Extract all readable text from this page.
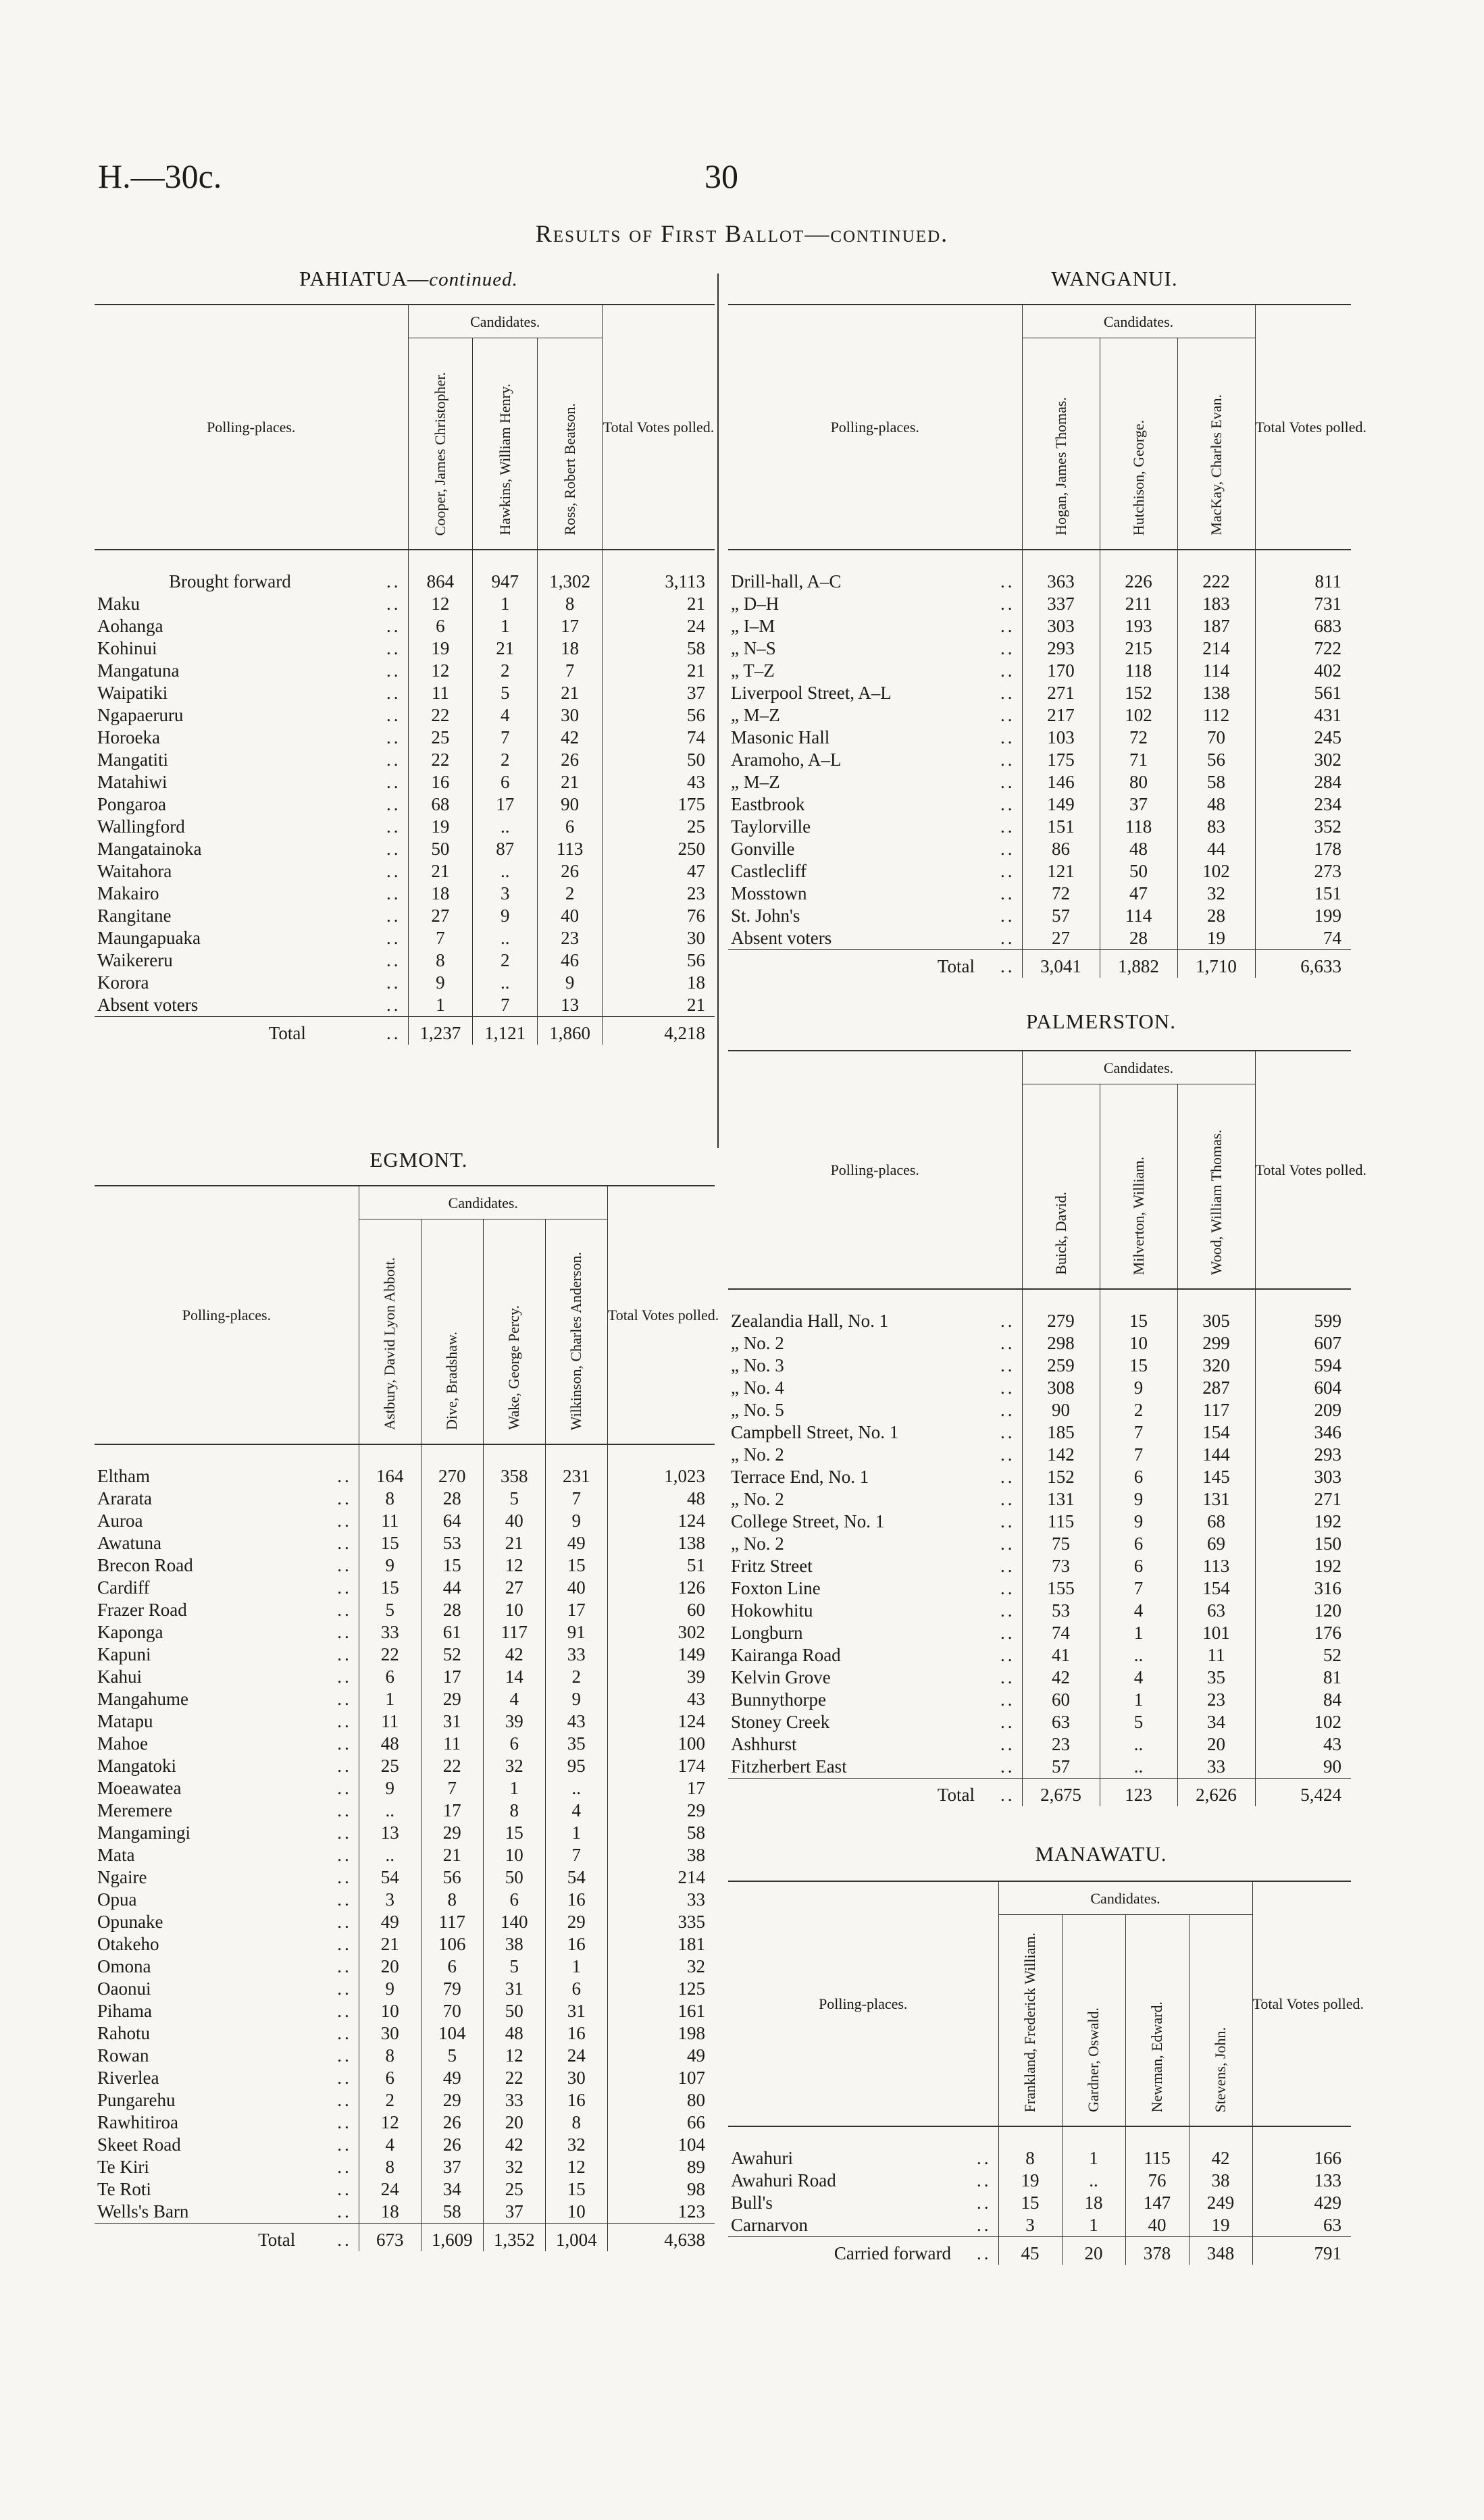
H.—30c.	30
Results of First Ballot—continued.
PAHIATUA—continued.
Polling-places.		Candidates.			Total Votes polled.
		Cooper, James Christopher.	Hawkins, William Henry.	Ross, Robert Beatson.	
Brought forward	..	864	947	1,302	3,113
Maku	..	12	1	8	21
Aohanga	..	6	1	17	24
Kohinui	..	19	21	18	58
Mangatuna	..	12	2	7	21
Waipatiki	..	11	5	21	37
Ngapaeruru	..	22	4	30	56
Horoeka	..	25	7	42	74
Mangatiti	..	22	2	26	50
Matahiwi	..	16	6	21	43
Pongaroa	..	68	17	90	175
Wallingford	..	19	..	6	25
Mangatainoka	..	50	87	113	250
Waitahora	..	21	..	26	47
Makairo	..	18	3	2	23
Rangitane	..	27	9	40	76
Maungapuaka	..	7	..	23	30
Waikereru	..	8	2	46	56
Korora	..	9	..	9	18
Absent voters	..	1	7	13	21
Total	..	1,237	1,121	1,860	4,218
EGMONT.
Polling-places.		Candidates.				Total Votes polled.
		Astbury, David Lyon Abbott.	Dive, Bradshaw.	Wake, George Percy.	Wilkinson, Charles Anderson.	
Eltham	..	164	270	358	231	1,023
Ararata	..	8	28	5	7	48
Auroa	..	11	64	40	9	124
Awatuna	..	15	53	21	49	138
Brecon Road	..	9	15	12	15	51
Cardiff	..	15	44	27	40	126
Frazer Road	..	5	28	10	17	60
Kaponga	..	33	61	117	91	302
Kapuni	..	22	52	42	33	149
Kahui	..	6	17	14	2	39
Mangahume	..	1	29	4	9	43
Matapu	..	11	31	39	43	124
Mahoe	..	48	11	6	35	100
Mangatoki	..	25	22	32	95	174
Moeawatea	..	9	7	1	..	17
Meremere	..	..	17	8	4	29
Mangamingi	..	13	29	15	1	58
Mata	..	..	21	10	7	38
Ngaire	..	54	56	50	54	214
Opua	..	3	8	6	16	33
Opunake	..	49	117	140	29	335
Otakeho	..	21	106	38	16	181
Omona	..	20	6	5	1	32
Oaonui	..	9	79	31	6	125
Pihama	..	10	70	50	31	161
Rahotu	..	30	104	48	16	198
Rowan	..	8	5	12	24	49
Riverlea	..	6	49	22	30	107
Pungarehu	..	2	29	33	16	80
Rawhitiroa	..	12	26	20	8	66
Skeet Road	..	4	26	42	32	104
Te Kiri	..	8	37	32	12	89
Te Roti	..	24	34	25	15	98
Wells's Barn	..	18	58	37	10	123
Total	..	673	1,609	1,352	1,004	4,638
WANGANUI.
Polling-places.		Candidates.			Total Votes polled.
		Hogan, James Thomas.	Hutchison, George.	MacKay, Charles Evan.	
Drill-hall, A–C	..	363	226	222	811
„ D–H	..	337	211	183	731
„ I–M	..	303	193	187	683
„ N–S	..	293	215	214	722
„ T–Z	..	170	118	114	402
Liverpool Street, A–L	..	271	152	138	561
„ M–Z	..	217	102	112	431
Masonic Hall	..	103	72	70	245
Aramoho, A–L	..	175	71	56	302
„ M–Z	..	146	80	58	284
Eastbrook	..	149	37	48	234
Taylorville	..	151	118	83	352
Gonville	..	86	48	44	178
Castlecliff	..	121	50	102	273
Mosstown	..	72	47	32	151
St. John's	..	57	114	28	199
Absent voters	..	27	28	19	74
Total	..	3,041	1,882	1,710	6,633
PALMERSTON.
Polling-places.		Candidates.			Total Votes polled.
		Buick, David.	Milverton, William.	Wood, William Thomas.	
Zealandia Hall, No. 1	..	279	15	305	599
„ No. 2	..	298	10	299	607
„ No. 3	..	259	15	320	594
„ No. 4	..	308	9	287	604
„ No. 5	..	90	2	117	209
Campbell Street, No. 1	..	185	7	154	346
„ No. 2	..	142	7	144	293
Terrace End, No. 1	..	152	6	145	303
„ No. 2	..	131	9	131	271
College Street, No. 1	..	115	9	68	192
„ No. 2	..	75	6	69	150
Fritz Street	..	73	6	113	192
Foxton Line	..	155	7	154	316
Hokowhitu	..	53	4	63	120
Longburn	..	74	1	101	176
Kairanga Road	..	41	..	11	52
Kelvin Grove	..	42	4	35	81
Bunnythorpe	..	60	1	23	84
Stoney Creek	..	63	5	34	102
Ashhurst	..	23	..	20	43
Fitzherbert East	..	57	..	33	90
Total	..	2,675	123	2,626	5,424
MANAWATU.
Polling-places.		Candidates.				Total Votes polled.
		Frankland, Frederick William.	Gardner, Oswald.	Newman, Edward.	Stevens, John.	
Awahuri	..	8	1	115	42	166
Awahuri Road	..	19	..	76	38	133
Bull's	..	15	18	147	249	429
Carnarvon	..	3	1	40	19	63
Carried forward	..	45	20	378	348	791
